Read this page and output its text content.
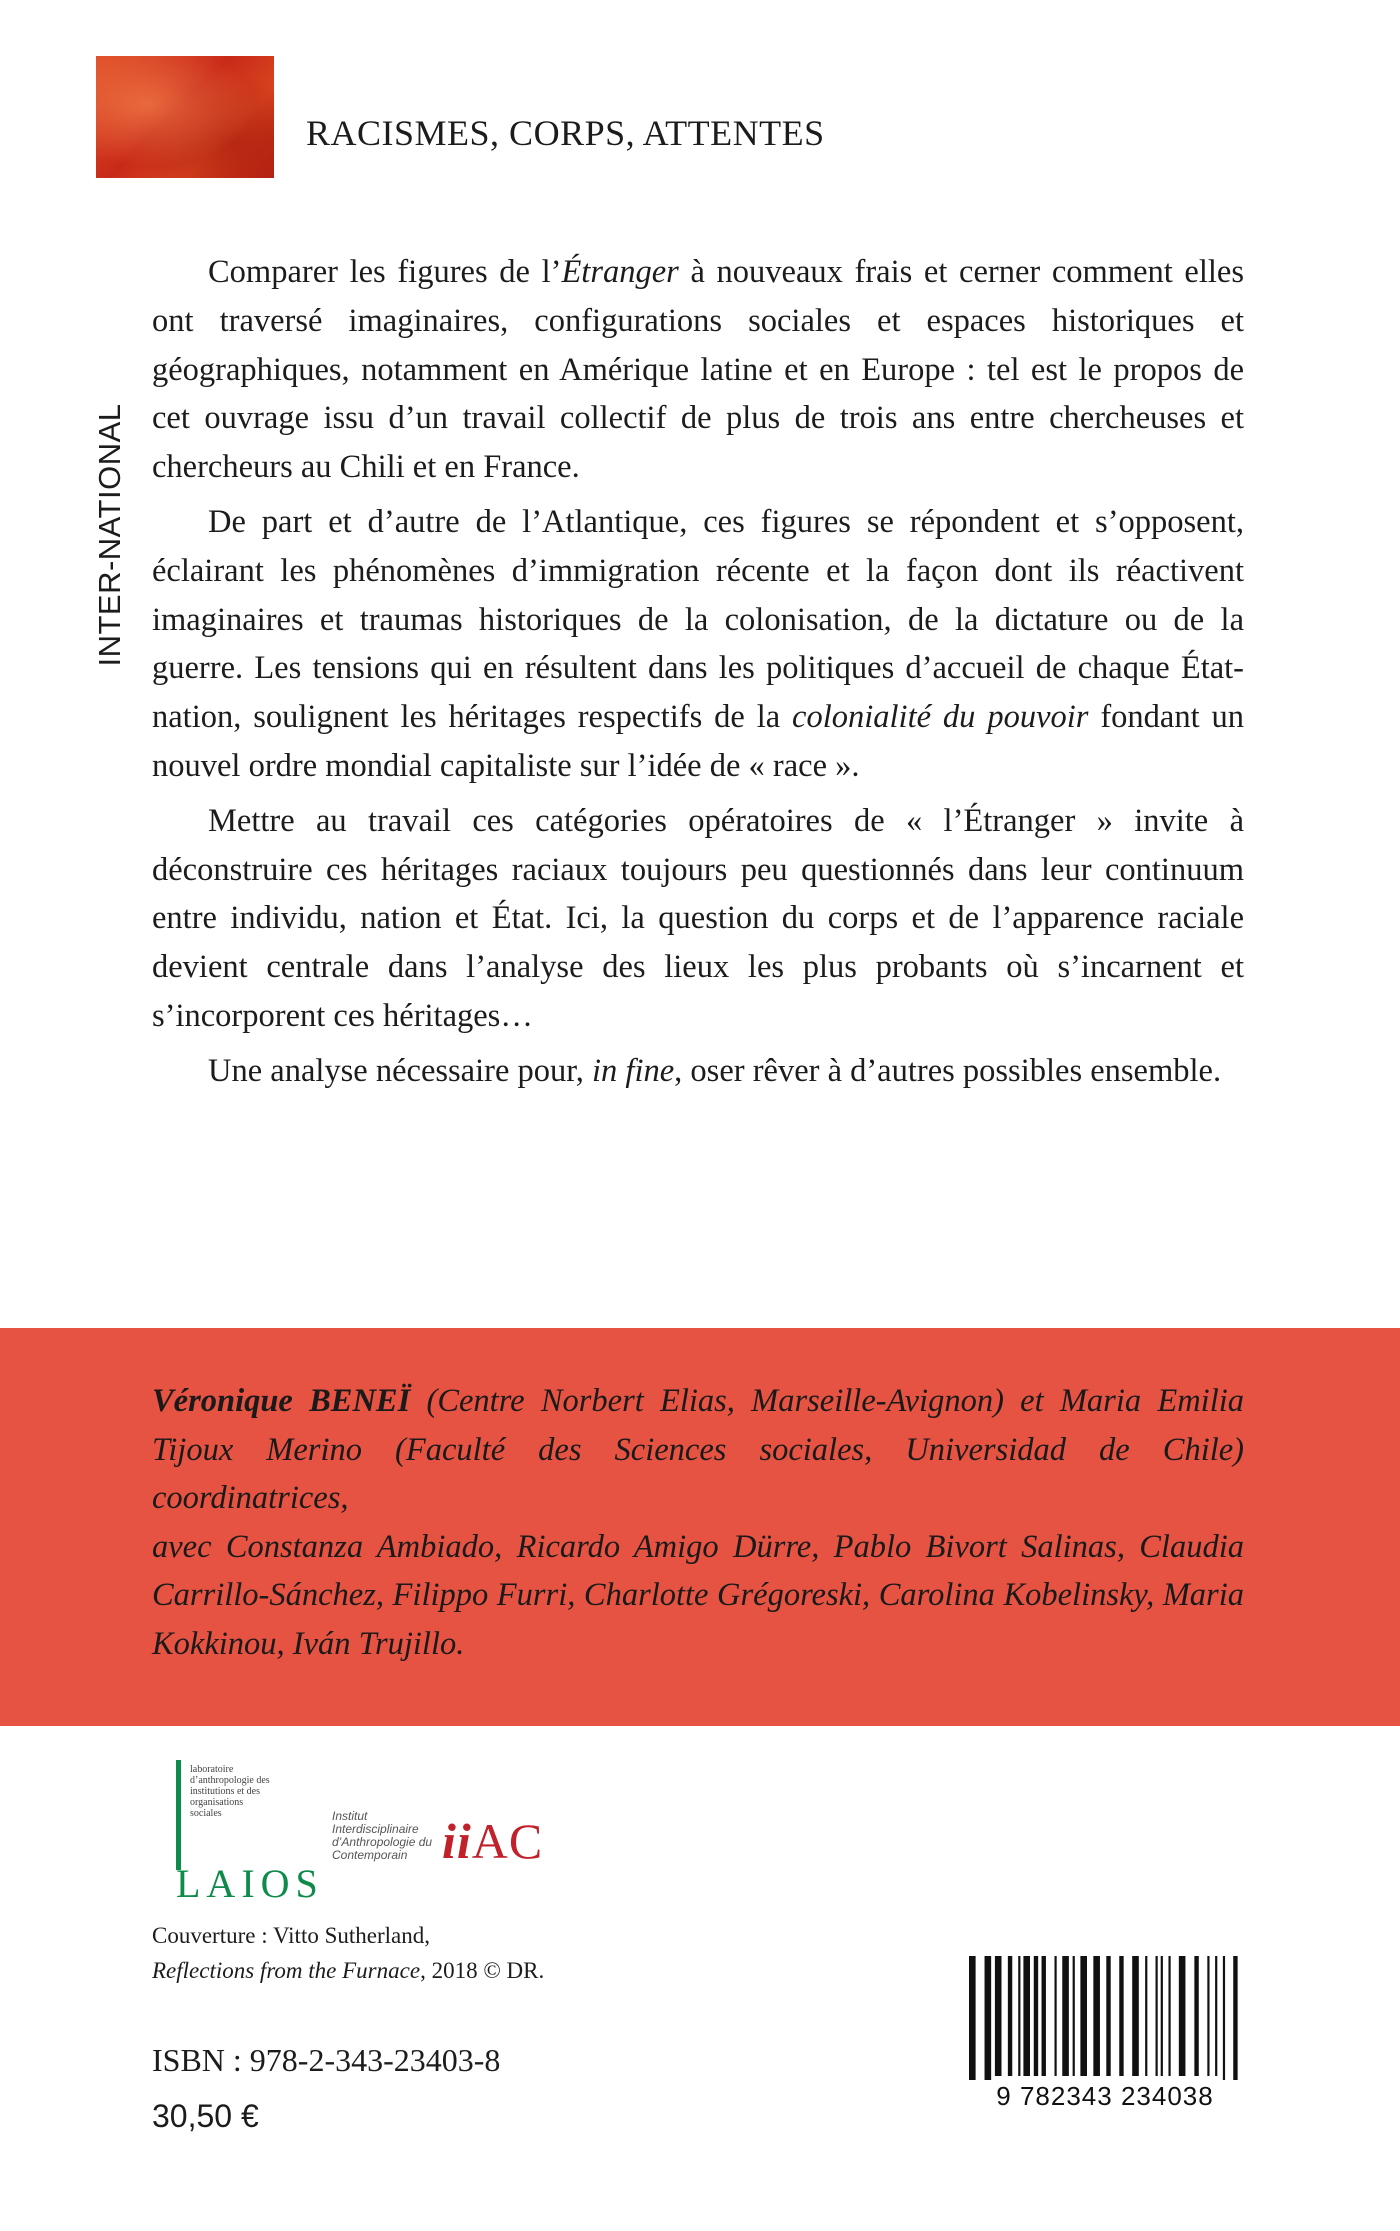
RACISMES, CORPS, ATTENTES
INTER-NATIONAL

Comparer les figures de l’Étranger à nouveaux frais et cerner comment elles ont traversé imaginaires, configurations sociales et espaces historiques et géographiques, notamment en Amérique latine et en Europe : tel est le propos de cet ouvrage issu d’un travail collectif de plus de trois ans entre chercheuses et chercheurs au Chili et en France.

De part et d’autre de l’Atlantique, ces figures se répondent et s’opposent, éclairant les phénomènes d’immigration récente et la façon dont ils réactivent imaginaires et traumas historiques de la colonisation, de la dictature ou de la guerre. Les tensions qui en résultent dans les politiques d’accueil de chaque État-nation, soulignent les héritages respectifs de la colonialité du pouvoir fondant un nouvel ordre mondial capitaliste sur l’idée de « race ».

Mettre au travail ces catégories opératoires de « l’Étranger » invite à déconstruire ces héritages raciaux toujours peu questionnés dans leur continuum entre individu, nation et État. Ici, la question du corps et de l’apparence raciale devient centrale dans l’analyse des lieux les plus probants où s’incarnent et s’incorporent ces héritages…

Une analyse nécessaire pour, in fine, oser rêver à d’autres possibles ensemble.

Véronique BENEÏ (Centre Norbert Elias, Marseille-Avignon) et Maria Emilia Tijoux Merino (Faculté des Sciences sociales, Universidad de Chile) coordinatrices,
avec Constanza Ambiado, Ricardo Amigo Dürre, Pablo Bivort Salinas, Claudia Carrillo-Sánchez, Filippo Furri, Charlotte Grégoreski, Carolina Kobelinsky, Maria Kokkinou, Iván Trujillo.
laboratoire d’anthropologie des institutions et des organisations sociales
LAIOS
Institut Interdisciplinaire d’Anthropologie du Contemporain iiAC
Couverture : Vitto Sutherland,
Reflections from the Furnace, 2018 © DR.
ISBN : 978-2-343-23403-8
30,50 €
9 782343 234038
